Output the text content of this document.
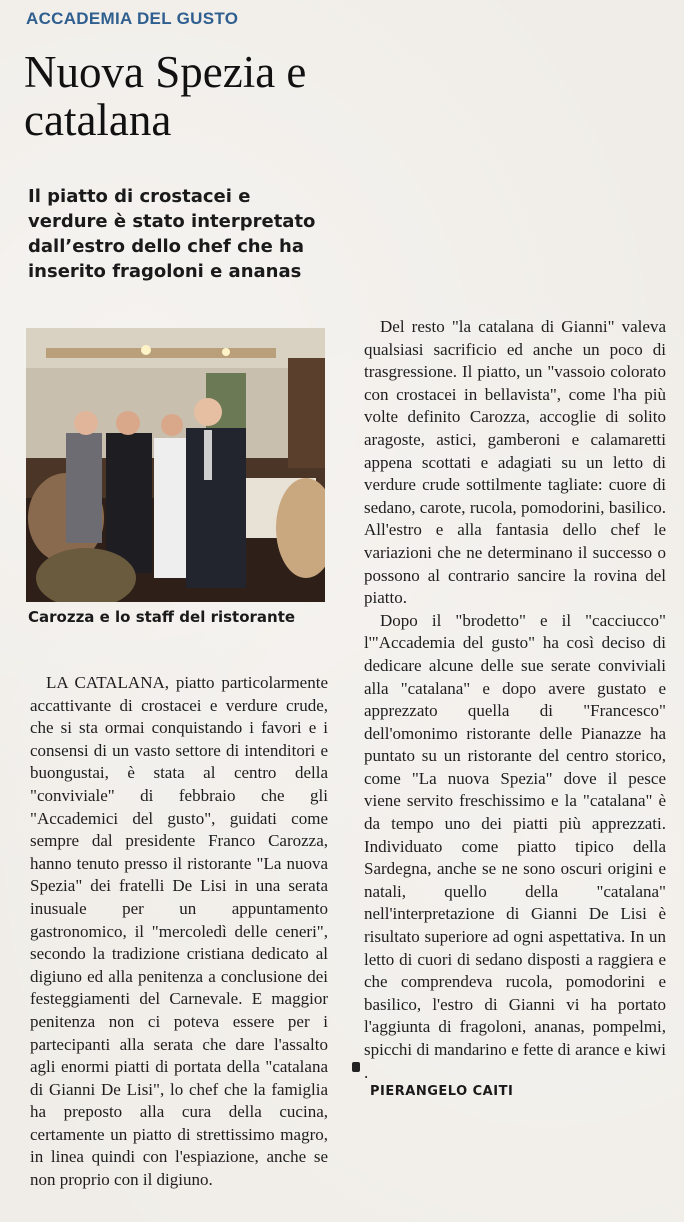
ACCADEMIA DEL GUSTO
Nuova Spezia e catalana
Il piatto di crostacei e verdure è stato interpretato dall’estro dello chef che ha inserito fragoloni e ananas
Carozza e lo staff del ristorante

LA CATALANA, piatto particolarmente accattivante di crostacei e verdure crude, che si sta ormai conquistando i favori e i consensi di un vasto settore di intenditori e buongustai, è stata al centro della "conviviale" di febbraio che gli "Accademici del gusto", guidati come sempre dal presidente Franco Carozza, hanno tenuto presso il ristorante "La nuova Spezia" dei fratelli De Lisi in una serata inusuale per un appuntamento gastronomico, il "mercoledì delle ceneri", secondo la tradizione cristiana dedicato al digiuno ed alla penitenza a conclusione dei festeggiamenti del Carnevale. E maggior penitenza non ci poteva essere per i partecipanti alla serata che dare l'assalto agli enormi piatti di portata della "catalana di Gianni De Lisi", lo chef che la famiglia ha preposto alla cura della cucina, certamente un piatto di strettissimo magro, in linea quindi con l'espiazione, anche se non proprio con il digiuno.

Del resto "la catalana di Gianni" valeva qualsiasi sacrificio ed anche un poco di trasgressione. Il piatto, un "vassoio colorato con crostacei in bellavista", come l'ha più volte definito Carozza, accoglie di solito aragoste, astici, gamberoni e calamaretti appena scottati e adagiati su un letto di verdure crude sottilmente tagliate: cuore di sedano, carote, rucola, pomodorini, basilico. All'estro e alla fantasia dello chef le variazioni che ne determinano il successo o possono al contrario sancire la rovina del piatto.

Dopo il "brodetto" e il "cacciucco" l'"Accademia del gusto" ha così deciso di dedicare alcune delle sue serate conviviali alla "catalana" e dopo avere gustato e apprezzato quella di "Francesco" dell'omonimo ristorante delle Pianazze ha puntato su un ristorante del centro storico, come "La nuova Spezia" dove il pesce viene servito freschissimo e la "catalana" è da tempo uno dei piatti più apprezzati. Individuato come piatto tipico della Sardegna, anche se ne sono oscuri origini e natali, quello della "catalana" nell'interpretazione di Gianni De Lisi è risultato superiore ad ogni aspettativa. In un letto di cuori di sedano disposti a raggiera e che comprendeva rucola, pomodorini e basilico, l'estro di Gianni vi ha portato l'aggiunta di fragoloni, ananas, pompelmi, spicchi di mandarino e fette di arance e kiwi .

PIERANGELO CAITI
